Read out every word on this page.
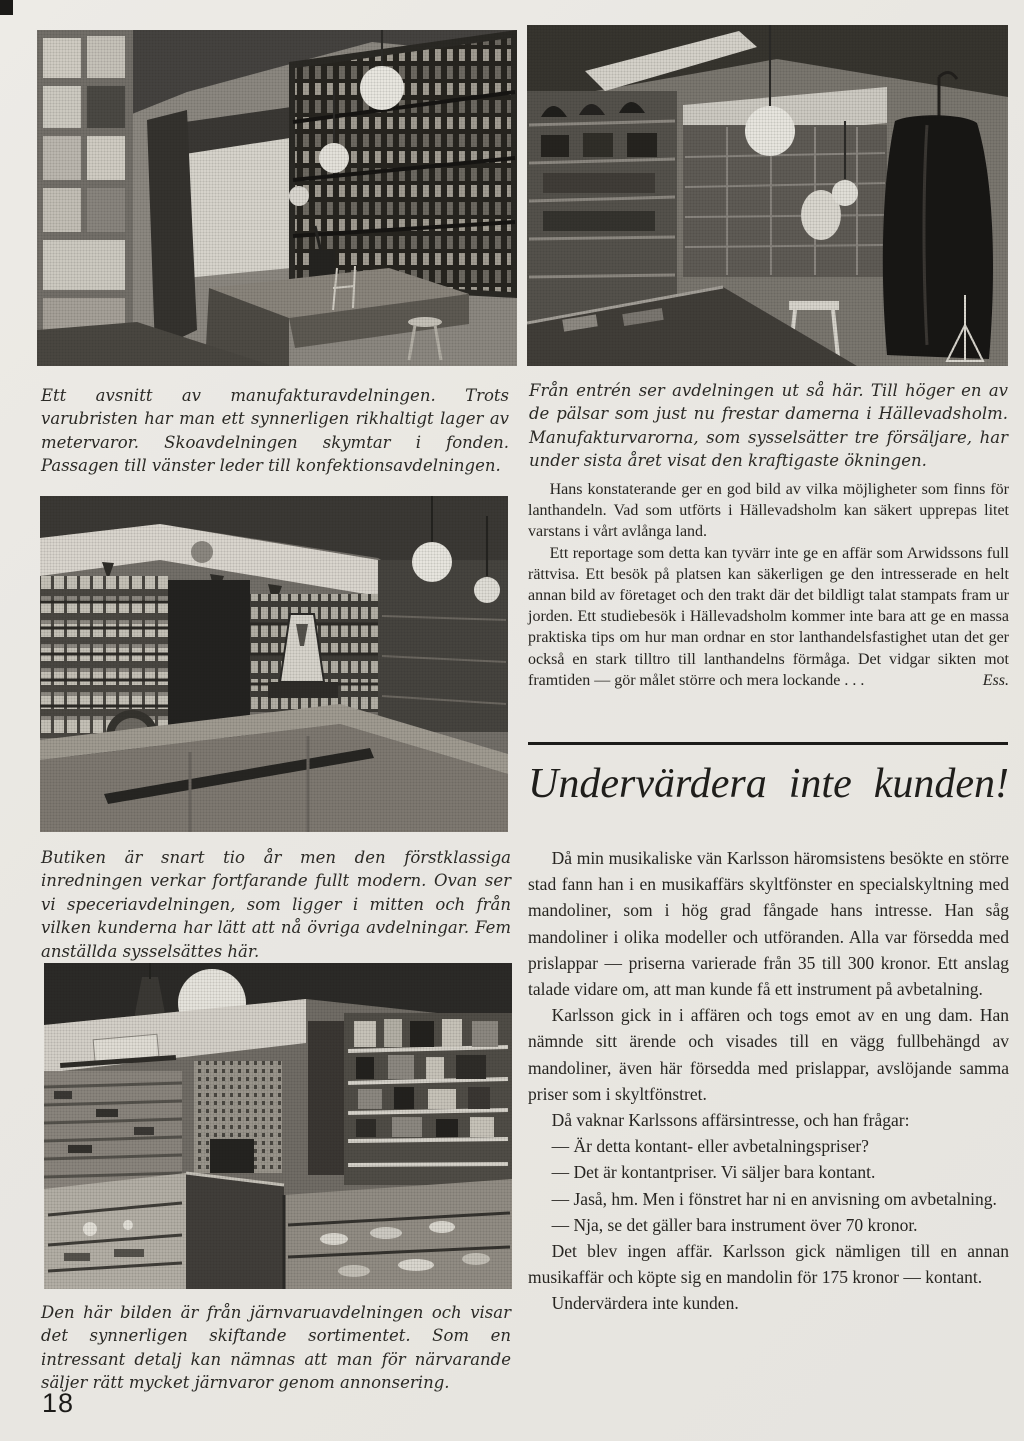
Ett avsnitt av manufakturavdelningen. Trots varubristen har man ett synnerligen rikhaltigt lager av metervaror. Skoavdelningen skymtar i fonden. Passagen till vänster leder till konfektionsavdelningen.

Från entrén ser avdelningen ut så här. Till höger en av de pälsar som just nu frestar damerna i Hällevadsholm. Manufakturvarorna, som sysselsätter tre försäljare, har under sista året visat den kraftigaste ökningen.

Butiken är snart tio år men den förstklassiga inredningen verkar fortfarande fullt modern. Ovan ser vi speceriavdelningen, som ligger i mitten och från vilken kunderna har lätt att nå övriga avdelningar. Fem anställda sysselsättes här.

Hans konstaterande ger en god bild av vilka möjligheter som finns för lanthandeln. Vad som utförts i Hällevadsholm kan säkert upprepas litet varstans i vårt avlånga land.

Ett reportage som detta kan tyvärr inte ge en affär som Arwidssons full rättvisa. Ett besök på platsen kan säkerligen ge den intresserade en helt annan bild av företaget och den trakt där det bildligt talat stampats fram ur jorden. Ett studiebesök i Hällevadsholm kommer inte bara att ge en massa praktiska tips om hur man ordnar en stor lanthandelsfastighet utan det ger också en stark tilltro till lanthandelns förmåga. Det vidgar sikten mot framtiden — gör målet större och mera lockande . . .	Ess.

Undervärdera inte kunden!

Då min musikaliske vän Karlsson häromsistens besökte en större stad fann han i en musikaffärs skyltfönster en specialskyltning med mandoliner, som i hög grad fångade hans intresse. Han såg mandoliner i olika modeller och utföranden. Alla var försedda med prislappar — priserna varierade från 35 till 300 kronor. Ett anslag talade vidare om, att man kunde få ett instrument på avbetalning.

Karlsson gick in i affären och togs emot av en ung dam. Han nämnde sitt ärende och visades till en vägg fullbehängd av mandoliner, även här försedda med prislappar, avslöjande samma priser som i skyltfönstret.

Då vaknar Karlssons affärsintresse, och han frågar:

— Är detta kontant- eller avbetalningspriser?

— Det är kontantpriser. Vi säljer bara kontant.

— Jaså, hm. Men i fönstret har ni en anvisning om avbetalning.

— Nja, se det gäller bara instrument över 70 kronor.

Det blev ingen affär. Karlsson gick nämligen till en annan musikaffär och köpte sig en mandolin för 175 kronor — kontant.

Undervärdera inte kunden.

Den här bilden är från järnvaruavdelningen och visar det synnerligen skiftande sortimentet. Som en intressant detalj kan nämnas att man för närvarande säljer rätt mycket järnvaror genom annonsering.

18
